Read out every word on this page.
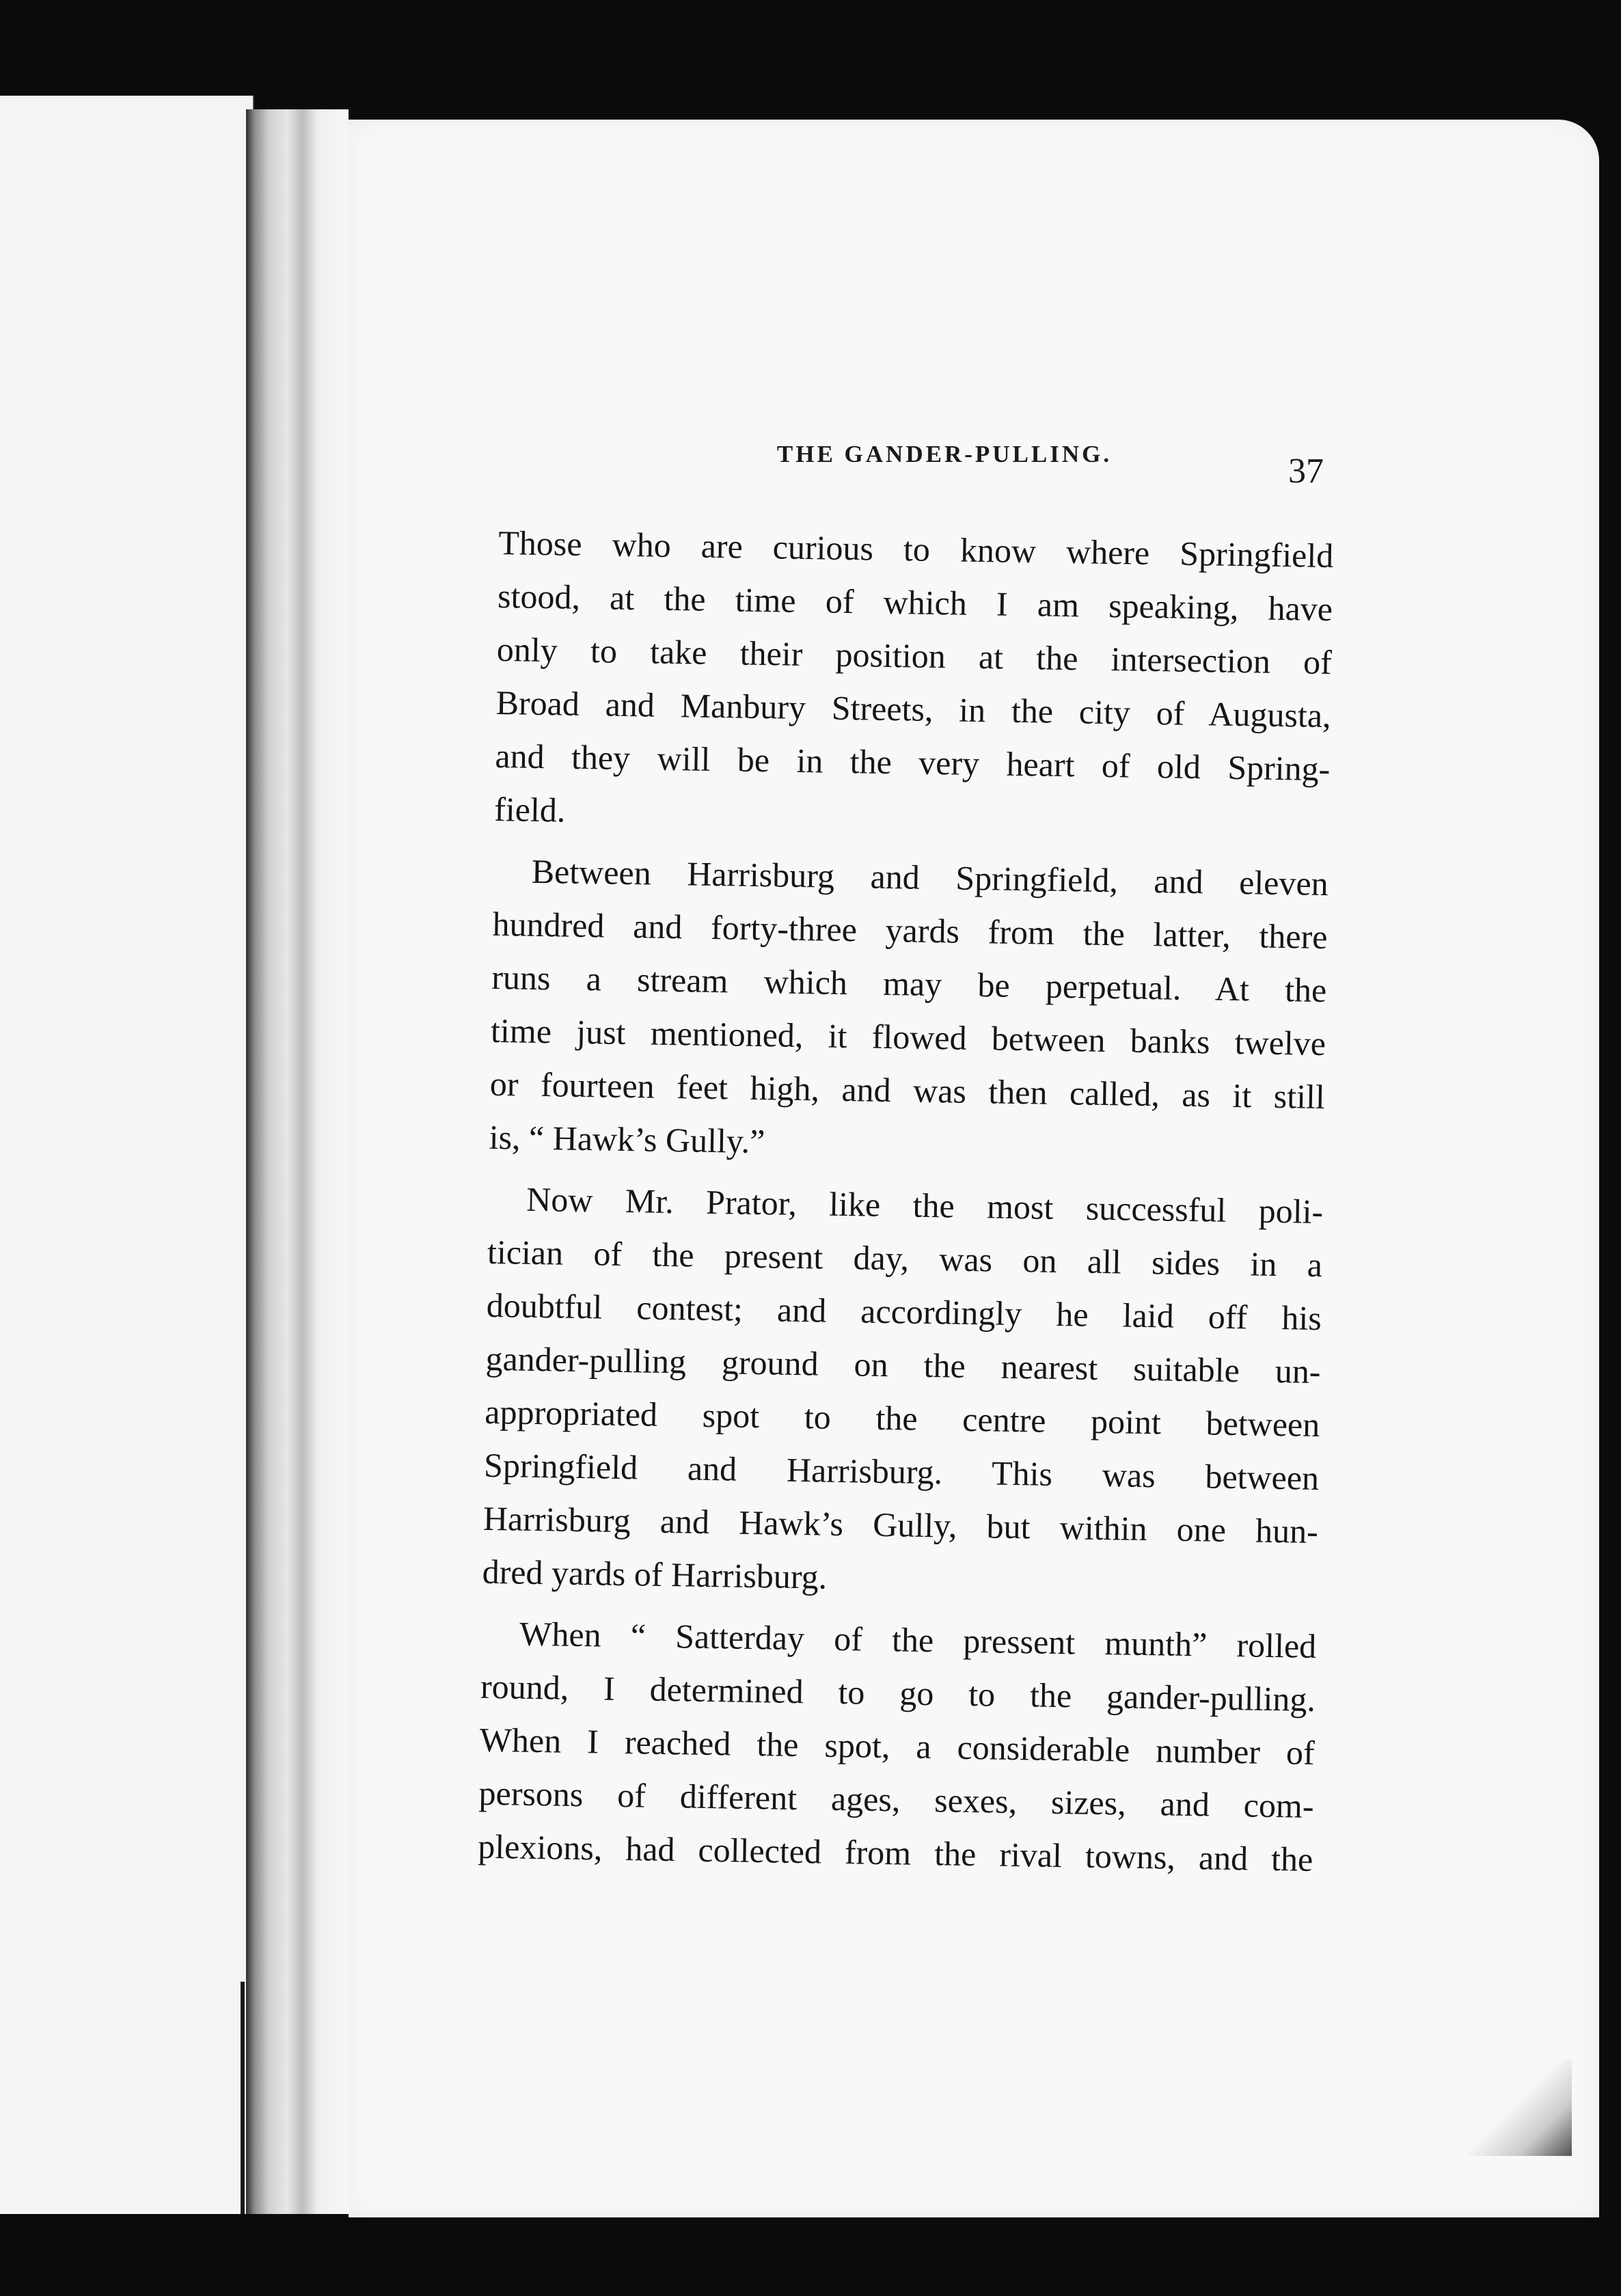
THE GANDER-PULLING.	37
Those who are curious to know where Springfield
stood, at the time of which I am speaking, have
only to take their position at the intersection of
Broad and Manbury Streets, in the city of Augusta,
and they will be in the very heart of old Spring-
field.
Between Harrisburg and Springfield, and eleven
hundred and forty-three yards from the latter, there
runs a stream which may be perpetual. At the
time just mentioned, it flowed between banks twelve
or fourteen feet high, and was then called, as it still
is, “ Hawk’s Gully.”
Now Mr. Prator, like the most successful poli-
tician of the present day, was on all sides in a
doubtful contest; and accordingly he laid off his
gander-pulling ground on the nearest suitable un-
appropriated spot to the centre point between
Springfield and Harrisburg. This was between
Harrisburg and Hawk’s Gully, but within one hun-
dred yards of Harrisburg.
When “ Satterday of the pressent munth” rolled
round, I determined to go to the gander-pulling.
When I reached the spot, a considerable number of
persons of different ages, sexes, sizes, and com-
plexions, had collected from the rival towns, and the
